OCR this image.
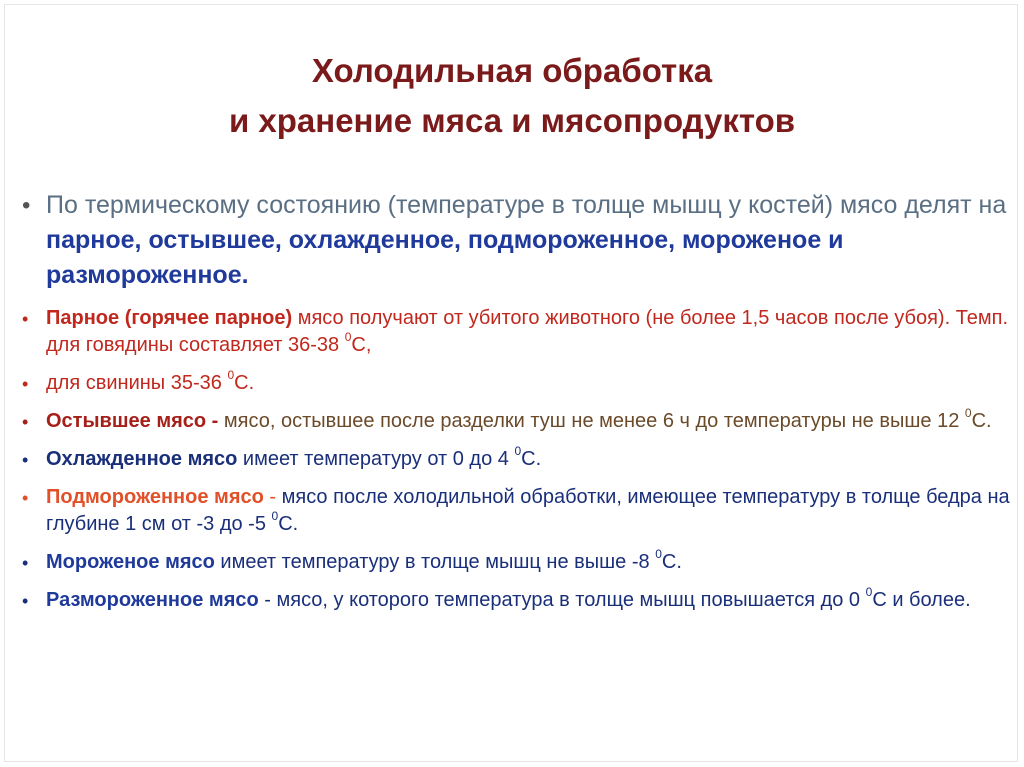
Холодильная обработка
и хранение мяса и мясопродуктов
• По термическому состоянию (температуре в толще мышц у костей) мясо делят на парное, остывшее, охлажденное, подмороженное, мороженое и размороженное.
• Парное (горячее парное) мясо получают от убитого животного (не более 1,5 часов после убоя). Темп. для говядины составляет 36-38 $^0$С,
• для свинины 35-36 $^0$С.
• Остывшее мясо - мясо, остывшее после разделки туш не менее 6 ч до температуры не выше 12 $^0$С.
• Охлажденное мясо имеет температуру от 0 до 4 $^0$С.
• Подмороженное мясо - мясо после холодильной обработки, имеющее температуру в толще бедра на глубине 1 см от -3 до -5 $^0$С.
• Мороженое мясо имеет температуру в толще мышц не выше -8 $^0$С.
• Размороженное мясо - мясо, у которого температура в толще мышц повышается до 0 $^0$С и более.
